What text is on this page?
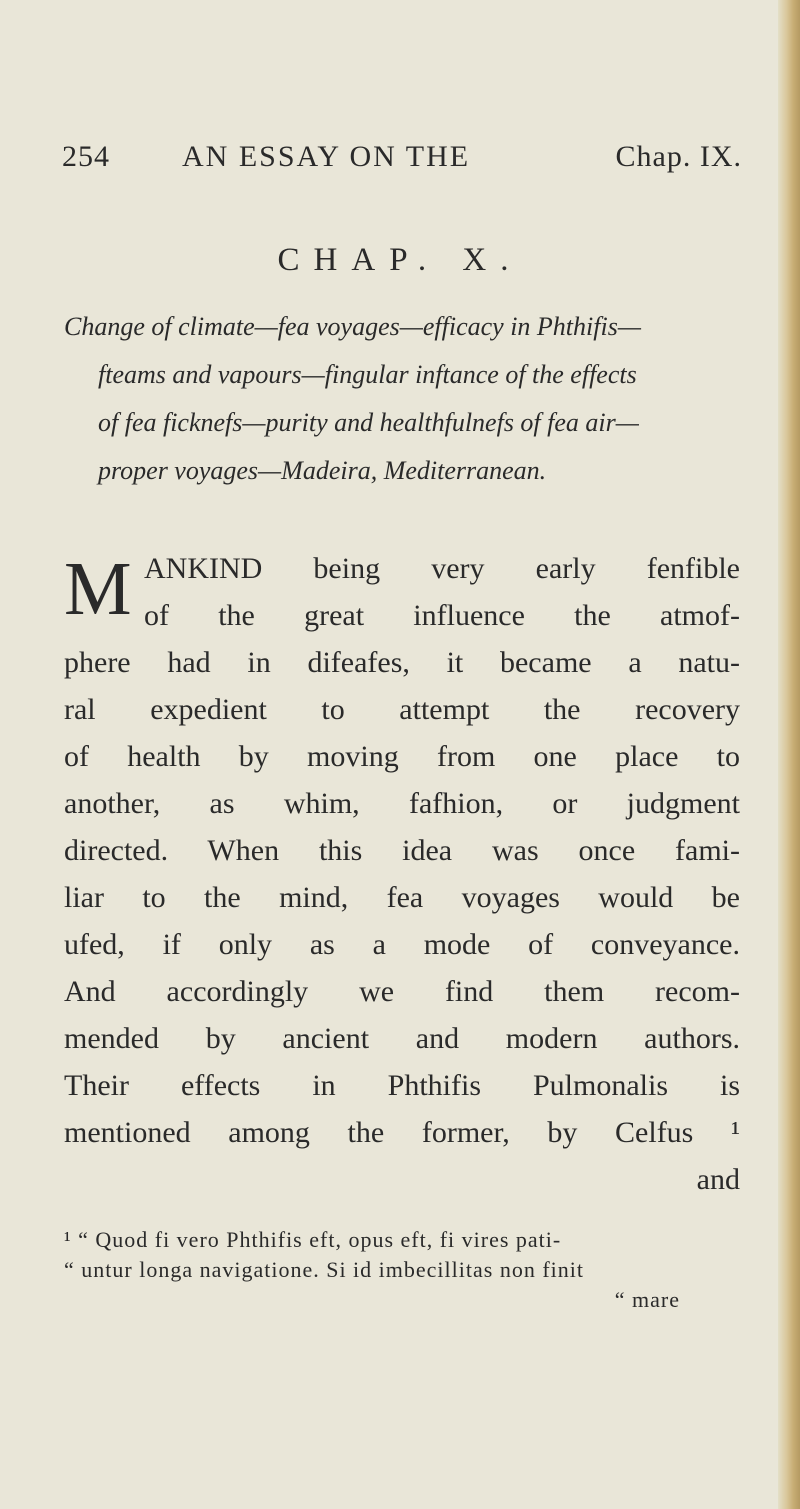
254 AN ESSAY ON THE	Chap. IX.
CHAP. X.
Change of climate—fea voyages—efficacy in Phthifis—
fteams and vapours—fingular inftance of the effects
of fea ficknefs—purity and healthfulnefs of fea air—
proper voyages—Madeira, Mediterranean.
M ANKIND being very early fenfible
of the great influence the atmof-
phere had in difeafes, it became a natu-
ral expedient to attempt the recovery
of health by moving from one place to
another, as whim, fafhion, or judgment
directed. When this idea was once fami-
liar to the mind, fea voyages would be
ufed, if only as a mode of conveyance.
And accordingly we find them recom-
mended by ancient and modern authors.
Their effects in Phthifis Pulmonalis is
mentioned among the former, by Celfus ¹
and
¹ “ Quod fi vero Phthifis eft, opus eft, fi vires pati-
“ untur longa navigatione. Si id imbecillitas non finit
“ mare
